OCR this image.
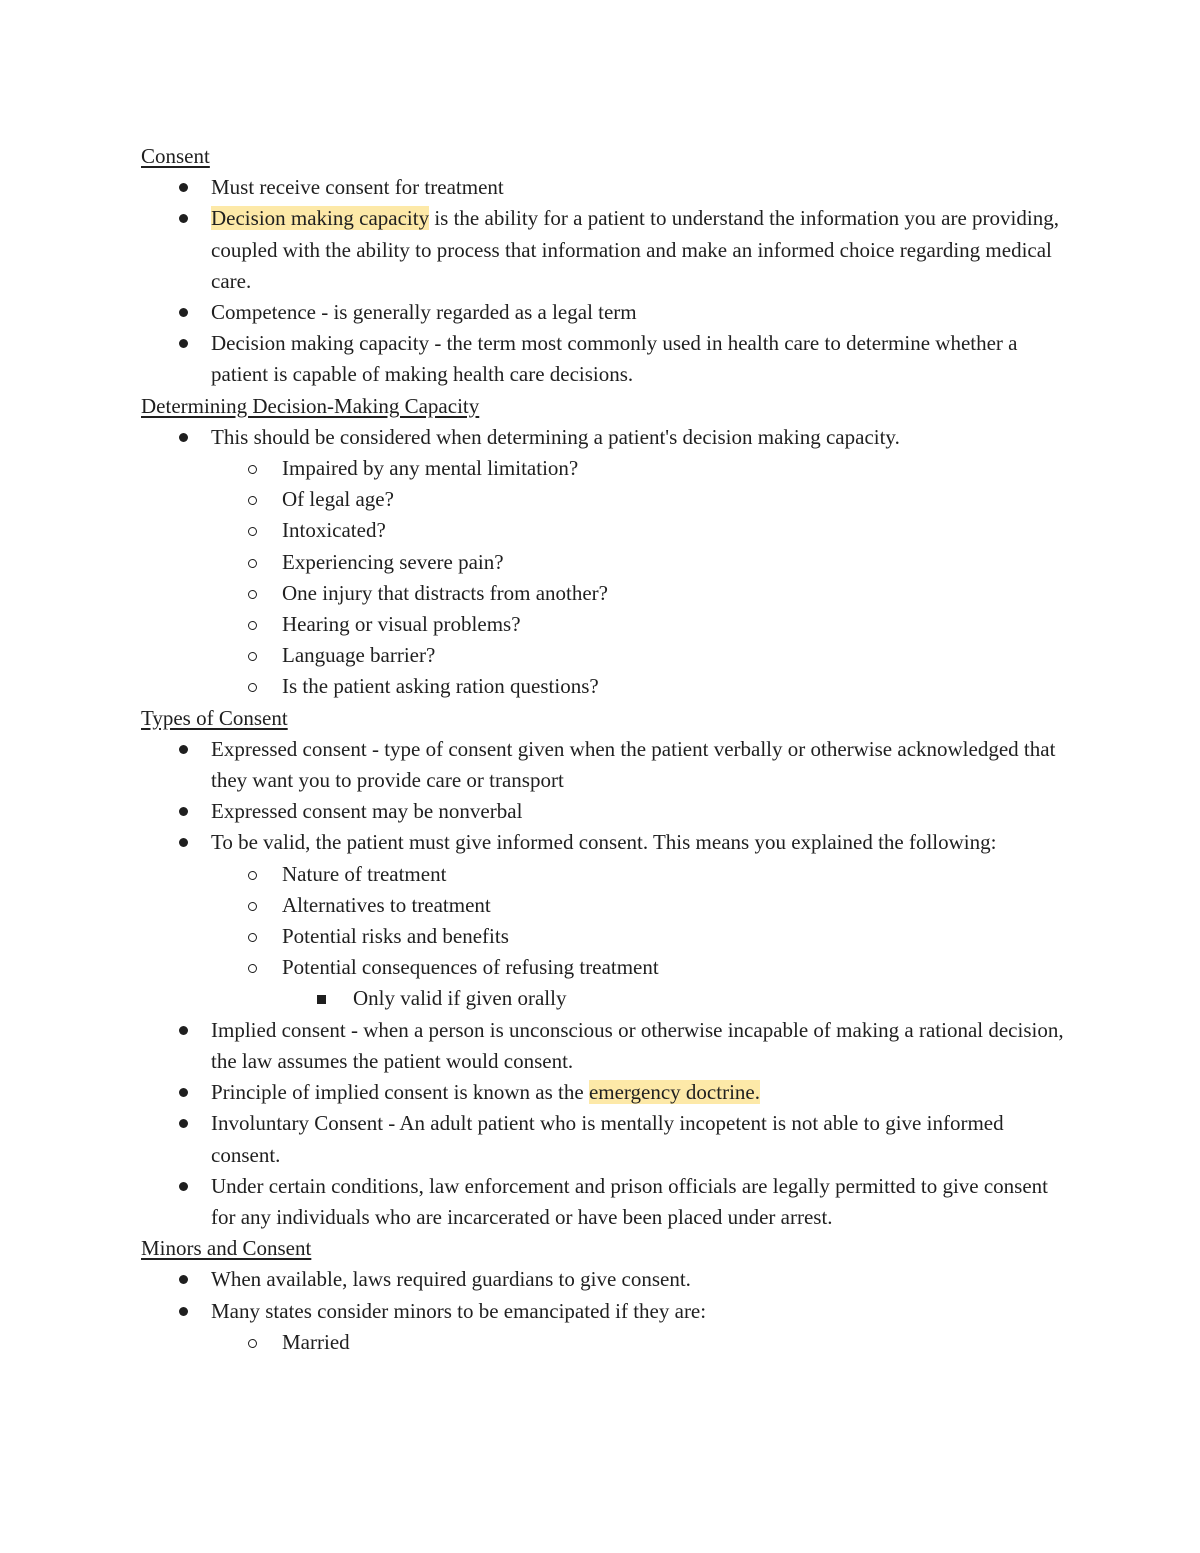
Consent

Must receive consent for treatment
Decision making capacity is the ability for a patient to understand the information you are providing, coupled with the ability to process that information and make an informed choice regarding medical care.
Competence - is generally regarded as a legal term
Decision making capacity - the term most commonly used in health care to determine whether a patient is capable of making health care decisions.

Determining Decision-Making Capacity

This should be considered when determining a patient's decision making capacity.
Impaired by any mental limitation?
Of legal age?
Intoxicated?
Experiencing severe pain?
One injury that distracts from another?
Hearing or visual problems?
Language barrier?
Is the patient asking ration questions?

Types of Consent

Expressed consent - type of consent given when the patient verbally or otherwise acknowledged that they want you to provide care or transport
Expressed consent may be nonverbal
To be valid, the patient must give informed consent. This means you explained the following:
Nature of treatment
Alternatives to treatment
Potential risks and benefits
Potential consequences of refusing treatment
Only valid if given orally
Implied consent - when a person is unconscious or otherwise incapable of making a rational decision, the law assumes the patient would consent.
Principle of implied consent is known as the emergency doctrine.
Involuntary Consent - An adult patient who is mentally incopetent is not able to give informed consent.
Under certain conditions, law enforcement and prison officials are legally permitted to give consent for any individuals who are incarcerated or have been placed under arrest.

Minors and Consent

When available, laws required guardians to give consent.
Many states consider minors to be emancipated if they are:
Married
